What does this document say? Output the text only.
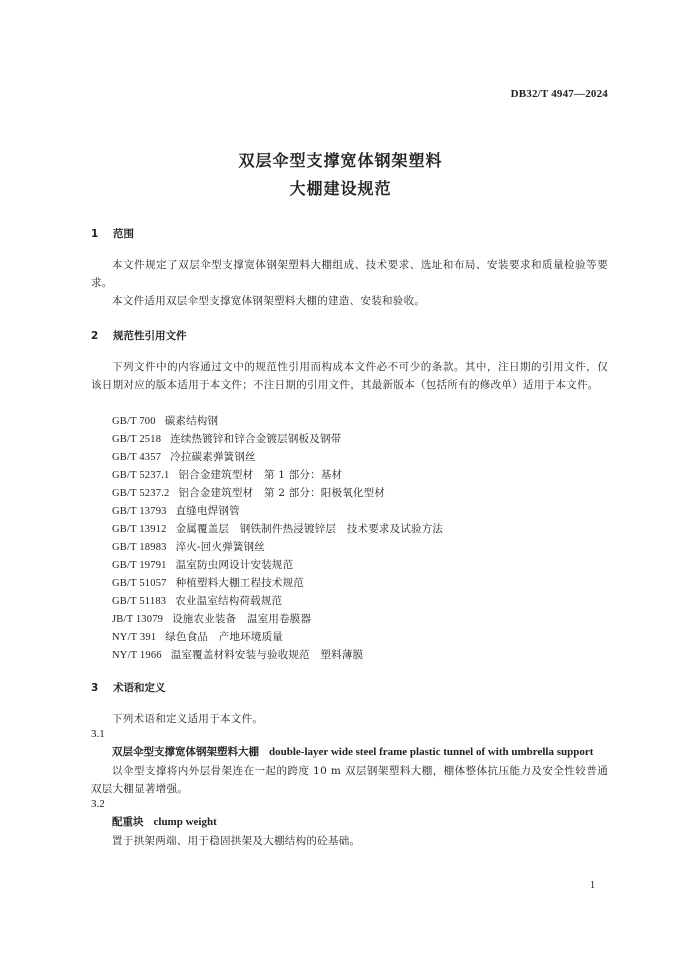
DB32/T 4947—2024
双层伞型支撑宽体钢架塑料
大棚建设规范
1 范围
本文件规定了双层伞型支撑宽体钢架塑料大棚组成、技术要求、选址和布局、安装要求和质量检验等要求。
本文件适用双层伞型支撑宽体钢架塑料大棚的建造、安装和验收。
2 规范性引用文件
下列文件中的内容通过文中的规范性引用而构成本文件必不可少的条款。其中，注日期的引用文件，仅该日期对应的版本适用于本文件；不注日期的引用文件，其最新版本（包括所有的修改单）适用于本文件。
GB/T 700 碳素结构钢
GB/T 2518 连续热镀锌和锌合金镀层钢板及钢带
GB/T 4357 冷拉碳素弹簧钢丝
GB/T 5237.1 铝合金建筑型材　第 1 部分：基材
GB/T 5237.2 铝合金建筑型材　第 2 部分：阳极氧化型材
GB/T 13793 直缝电焊钢管
GB/T 13912 金属覆盖层　钢铁制件热浸镀锌层　技术要求及试验方法
GB/T 18983 淬火-回火弹簧钢丝
GB/T 19791 温室防虫网设计安装规范
GB/T 51057 种植塑料大棚工程技术规范
GB/T 51183 农业温室结构荷载规范
JB/T 13079 设施农业装备　温室用卷膜器
NY/T 391 绿色食品　产地环境质量
NY/T 1966 温室覆盖材料安装与验收规范　塑料薄膜
3 术语和定义
下列术语和定义适用于本文件。
3.1
双层伞型支撑宽体钢架塑料大棚 double-layer wide steel frame plastic tunnel of with umbrella support
以伞型支撑将内外层骨架连在一起的跨度 10 m 双层钢架塑料大棚，棚体整体抗压能力及安全性较普通双层大棚显著增强。
3.2
配重块 clump weight
置于拱架两端、用于稳固拱架及大棚结构的砼基础。
1
